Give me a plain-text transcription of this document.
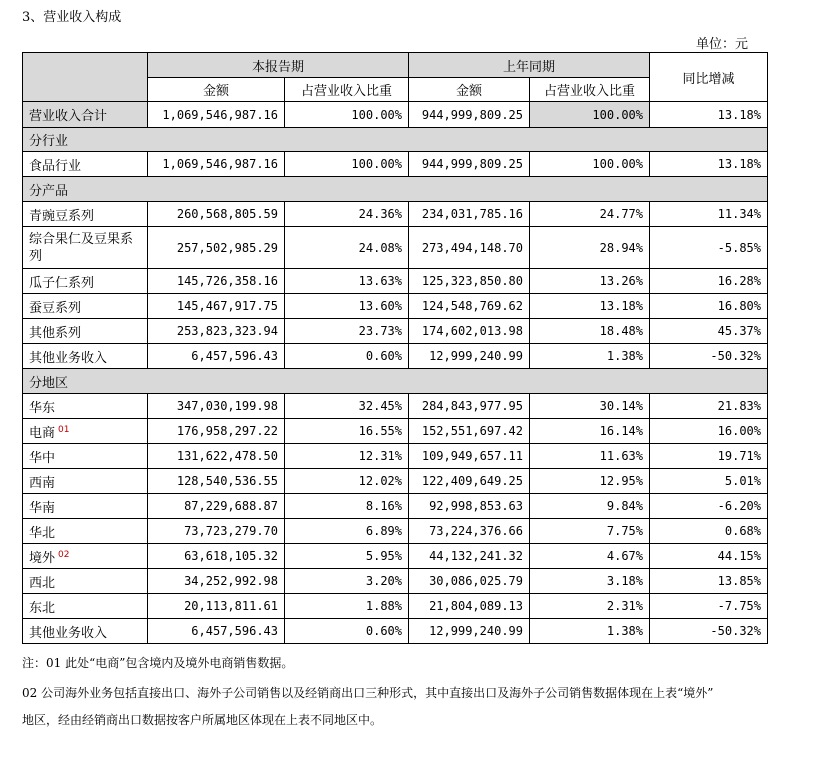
3、营业收入构成
单位：元
	本报告期		上年同期		同比增减
	金额	占营业收入比重	金额	占营业收入比重	
营业收入合计	1,069,546,987.16	100.00%	944,999,809.25	100.00%	13.18%
分行业					
食品行业	1,069,546,987.16	100.00%	944,999,809.25	100.00%	13.18%
分产品					
青豌豆系列	260,568,805.59	24.36%	234,031,785.16	24.77%	11.34%
综合果仁及豆果系列	257,502,985.29	24.08%	273,494,148.70	28.94%	-5.85%
瓜子仁系列	145,726,358.16	13.63%	125,323,850.80	13.26%	16.28%
蚕豆系列	145,467,917.75	13.60%	124,548,769.62	13.18%	16.80%
其他系列	253,823,323.94	23.73%	174,602,013.98	18.48%	45.37%
其他业务收入	6,457,596.43	0.60%	12,999,240.99	1.38%	-50.32%
分地区					
华东	347,030,199.98	32.45%	284,843,977.95	30.14%	21.83%
电商 $^{01}$	176,958,297.22	16.55%	152,551,697.42	16.14%	16.00%
华中	131,622,478.50	12.31%	109,949,657.11	11.63%	19.71%
西南	128,540,536.55	12.02%	122,409,649.25	12.95%	5.01%
华南	87,229,688.87	8.16%	92,998,853.63	9.84%	-6.20%
华北	73,723,279.70	6.89%	73,224,376.66	7.75%	0.68%
境外 $^{02}$	63,618,105.32	5.95%	44,132,241.32	4.67%	44.15%
西北	34,252,992.98	3.20%	30,086,025.79	3.18%	13.85%
东北	20,113,811.61	1.88%	21,804,089.13	2.31%	-7.75%
其他业务收入	6,457,596.43	0.60%	12,999,240.99	1.38%	-50.32%
注：01 此处“电商”包含境内及境外电商销售数据。
02 公司海外业务包括直接出口、海外子公司销售以及经销商出口三种形式，其中直接出口及海外子公司销售数据体现在上表“境外”
地区，经由经销商出口数据按客户所属地区体现在上表不同地区中。
